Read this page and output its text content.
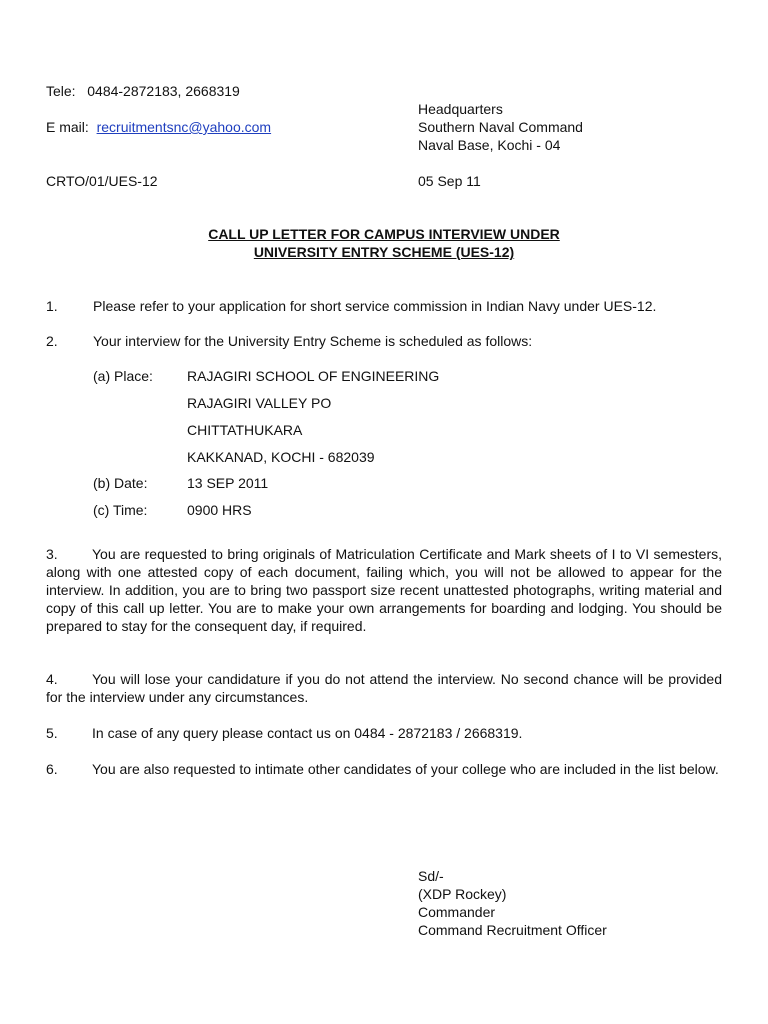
Tele: 0484-2872183, 2668319
E mail: recruitmentsnc@yahoo.com
CRTO/01/UES-12
Headquarters
Southern Naval Command
Naval Base, Kochi - 04
05 Sep 11
CALL UP LETTER FOR CAMPUS INTERVIEW UNDER
UNIVERSITY ENTRY SCHEME (UES-12)
1.	Please refer to your application for short service commission in Indian Navy under UES-12.
2.	Your interview for the University Entry Scheme is scheduled as follows:
(a) Place: RAJAGIRI SCHOOL OF ENGINEERING
RAJAGIRI VALLEY PO
CHITTATHUKARA
KAKKANAD, KOCHI - 682039
(b) Date:	13 SEP 2011
(c) Time:	0900 HRS
3. You are requested to bring originals of Matriculation Certificate and Mark sheets of I to VI semesters, along with one attested copy of each document, failing which, you will not be allowed to appear for the interview. In addition, you are to bring two passport size recent unattested photographs, writing material and copy of this call up letter. You are to make your own arrangements for boarding and lodging. You should be prepared to stay for the consequent day, if required.
4. You will lose your candidature if you do not attend the interview. No second chance will be provided for the interview under any circumstances.
5. In case of any query please contact us on 0484 - 2872183 / 2668319.
6. You are also requested to intimate other candidates of your college who are included in the list below.
Sd/-
(XDP Rockey)
Commander
Command Recruitment Officer
